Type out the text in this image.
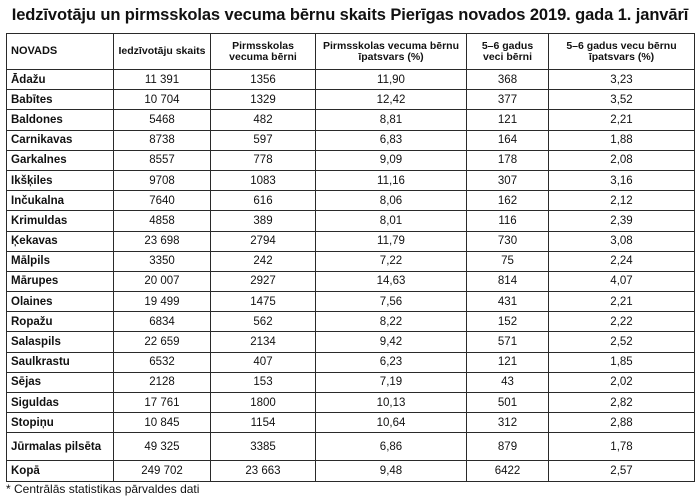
Iedzīvotāju un pirmsskolas vecuma bērnu skaits Pierīgas novados 2019. gada 1. janvārī
NOVADS	Iedzīvotāju skaits	Pirmsskolas vecuma bērni	Pirmsskolas vecuma bērnu īpatsvars (%)	5–6 gadus veci bērni	5–6 gadus vecu bērnu īpatsvars (%)
Ādažu	11 391	1356	11,90	368	3,23
Babītes	10 704	1329	12,42	377	3,52
Baldones	5468	482	8,81	121	2,21
Carnikavas	8738	597	6,83	164	1,88
Garkalnes	8557	778	9,09	178	2,08
Ikšķiles	9708	1083	11,16	307	3,16
Inčukalna	7640	616	8,06	162	2,12
Krimuldas	4858	389	8,01	116	2,39
Ķekavas	23 698	2794	11,79	730	3,08
Mālpils	3350	242	7,22	75	2,24
Mārupes	20 007	2927	14,63	814	4,07
Olaines	19 499	1475	7,56	431	2,21
Ropažu	6834	562	8,22	152	2,22
Salaspils	22 659	2134	9,42	571	2,52
Saulkrastu	6532	407	6,23	121	1,85
Sējas	2128	153	7,19	43	2,02
Siguldas	17 761	1800	10,13	501	2,82
Stopiņu	10 845	1154	10,64	312	2,88
Jūrmalas pilsēta	49 325	3385	6,86	879	1,78
Kopā	249 702	23 663	9,48	6422	2,57
* Centrālās statistikas pārvaldes dati
